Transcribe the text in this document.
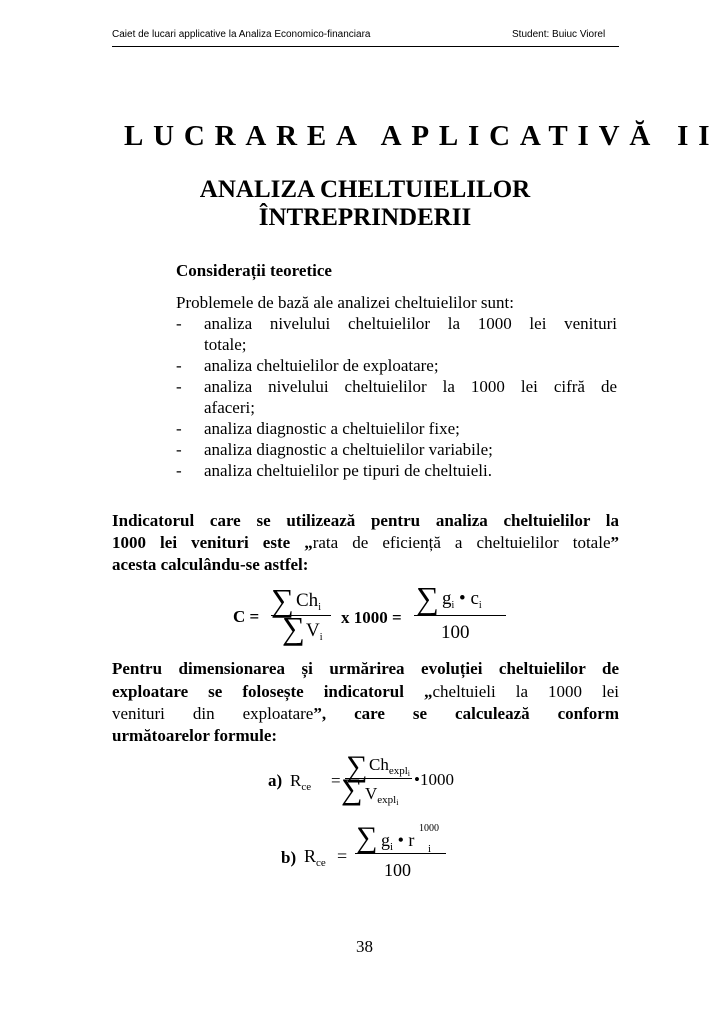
Caiet de lucari applicative la Analiza Economico-financiara	Student: Buiuc Viorel
LUCRAREA APLICATIVĂ II
ANALIZA CHELTUIELILOR
ÎNTREPRINDERII
Considerații teoretice
Problemele de bază ale analizei cheltuielilor sunt:
- analiza nivelului cheltuielilor la 1000 lei venituri
totale;
- analiza cheltuielilor de exploatare;
- analiza nivelului cheltuielilor la 1000 lei cifră de
afaceri;
- analiza diagnostic a cheltuielilor fixe;
- analiza diagnostic a cheltuielilor variabile;
- analiza cheltuielilor pe tipuri de cheltuieli.
Indicatorul care se utilizează pentru analiza cheltuielilor la
1000 lei venituri este „rata de eficiență a cheltuielilor totale”
acesta calculându-se astfel:
C = ∑ $Ch_i$
∑ $V_i$
x 1000 =
∑ $g_i$ • $c_i$
100
Pentru dimensionarea și urmărirea evoluției cheltuielilor de
exploatare se folosește indicatorul „cheltuieli la 1000 lei
venituri din exploatare”, care se calculează conform
următoarelor formule:
a) $R_{ce}$ = ∑ $Ch_{expli}$
∑ $V_{expli}$
•1000
b) $R_{ce}$ =
∑ $g_i$ • r
1000
i
100
38
